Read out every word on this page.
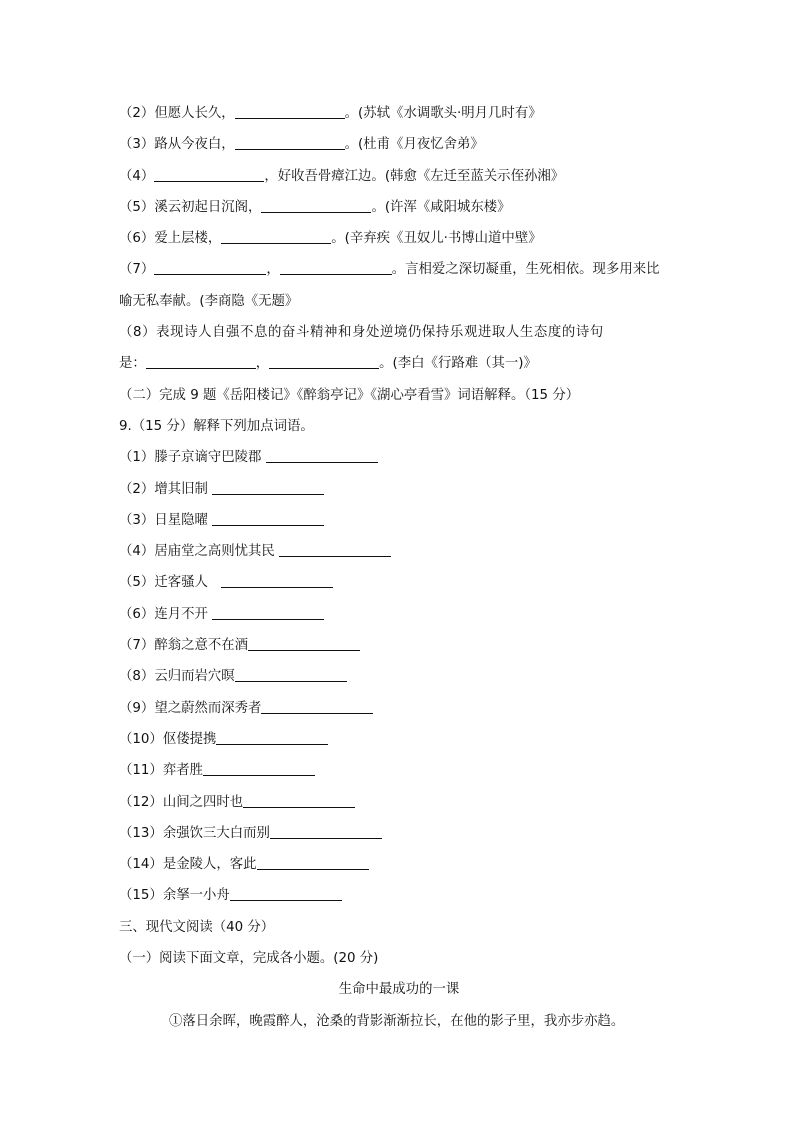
（2）但愿人长久，	。(苏轼《水调歌头·明月几时有》
（3）路从今夜白，	。(杜甫《月夜忆舍弟》
（4）	，好收吾骨瘴江边。(韩愈《左迁至蓝关示侄孙湘》
（5）溪云初起日沉阁，	。(许浑《咸阳城东楼》
（6）爱上层楼，	。(辛弃疾《丑奴儿·书博山道中壁》
（7）	，	。言相爱之深切凝重，生死相依。现多用来比
喻无私奉献。(李商隐《无题》
（8）表现诗人自强不息的奋斗精神和身处逆境仍保持乐观进取人生态度的诗句
是：	，	。(李白《行路难（其一)》
（二）完成 9 题《岳阳楼记》《醉翁亭记》《湖心亭看雪》词语解释。（15 分）
9.（15 分）解释下列加点词语。
（1）滕子京谪守巴陵郡
（2）增其旧制
（3）日星隐曜
（4）居庙堂之高则忧其民
（5）迁客骚人
（6）连月不开
（7）醉翁之意不在酒
（8）云归而岩穴暝
（9）望之蔚然而深秀者
（10）伛偻提携
（11）弈者胜
（12）山间之四时也
（13）余强饮三大白而别
（14）是金陵人，客此
（15）余拏一小舟
三、现代文阅读（40 分）
（一）阅读下面文章，完成各小题。(20 分)
生命中最成功的一课
①落日余晖，晚霞醉人，沧桑的背影渐渐拉长，在他的影子里，我亦步亦趋。
